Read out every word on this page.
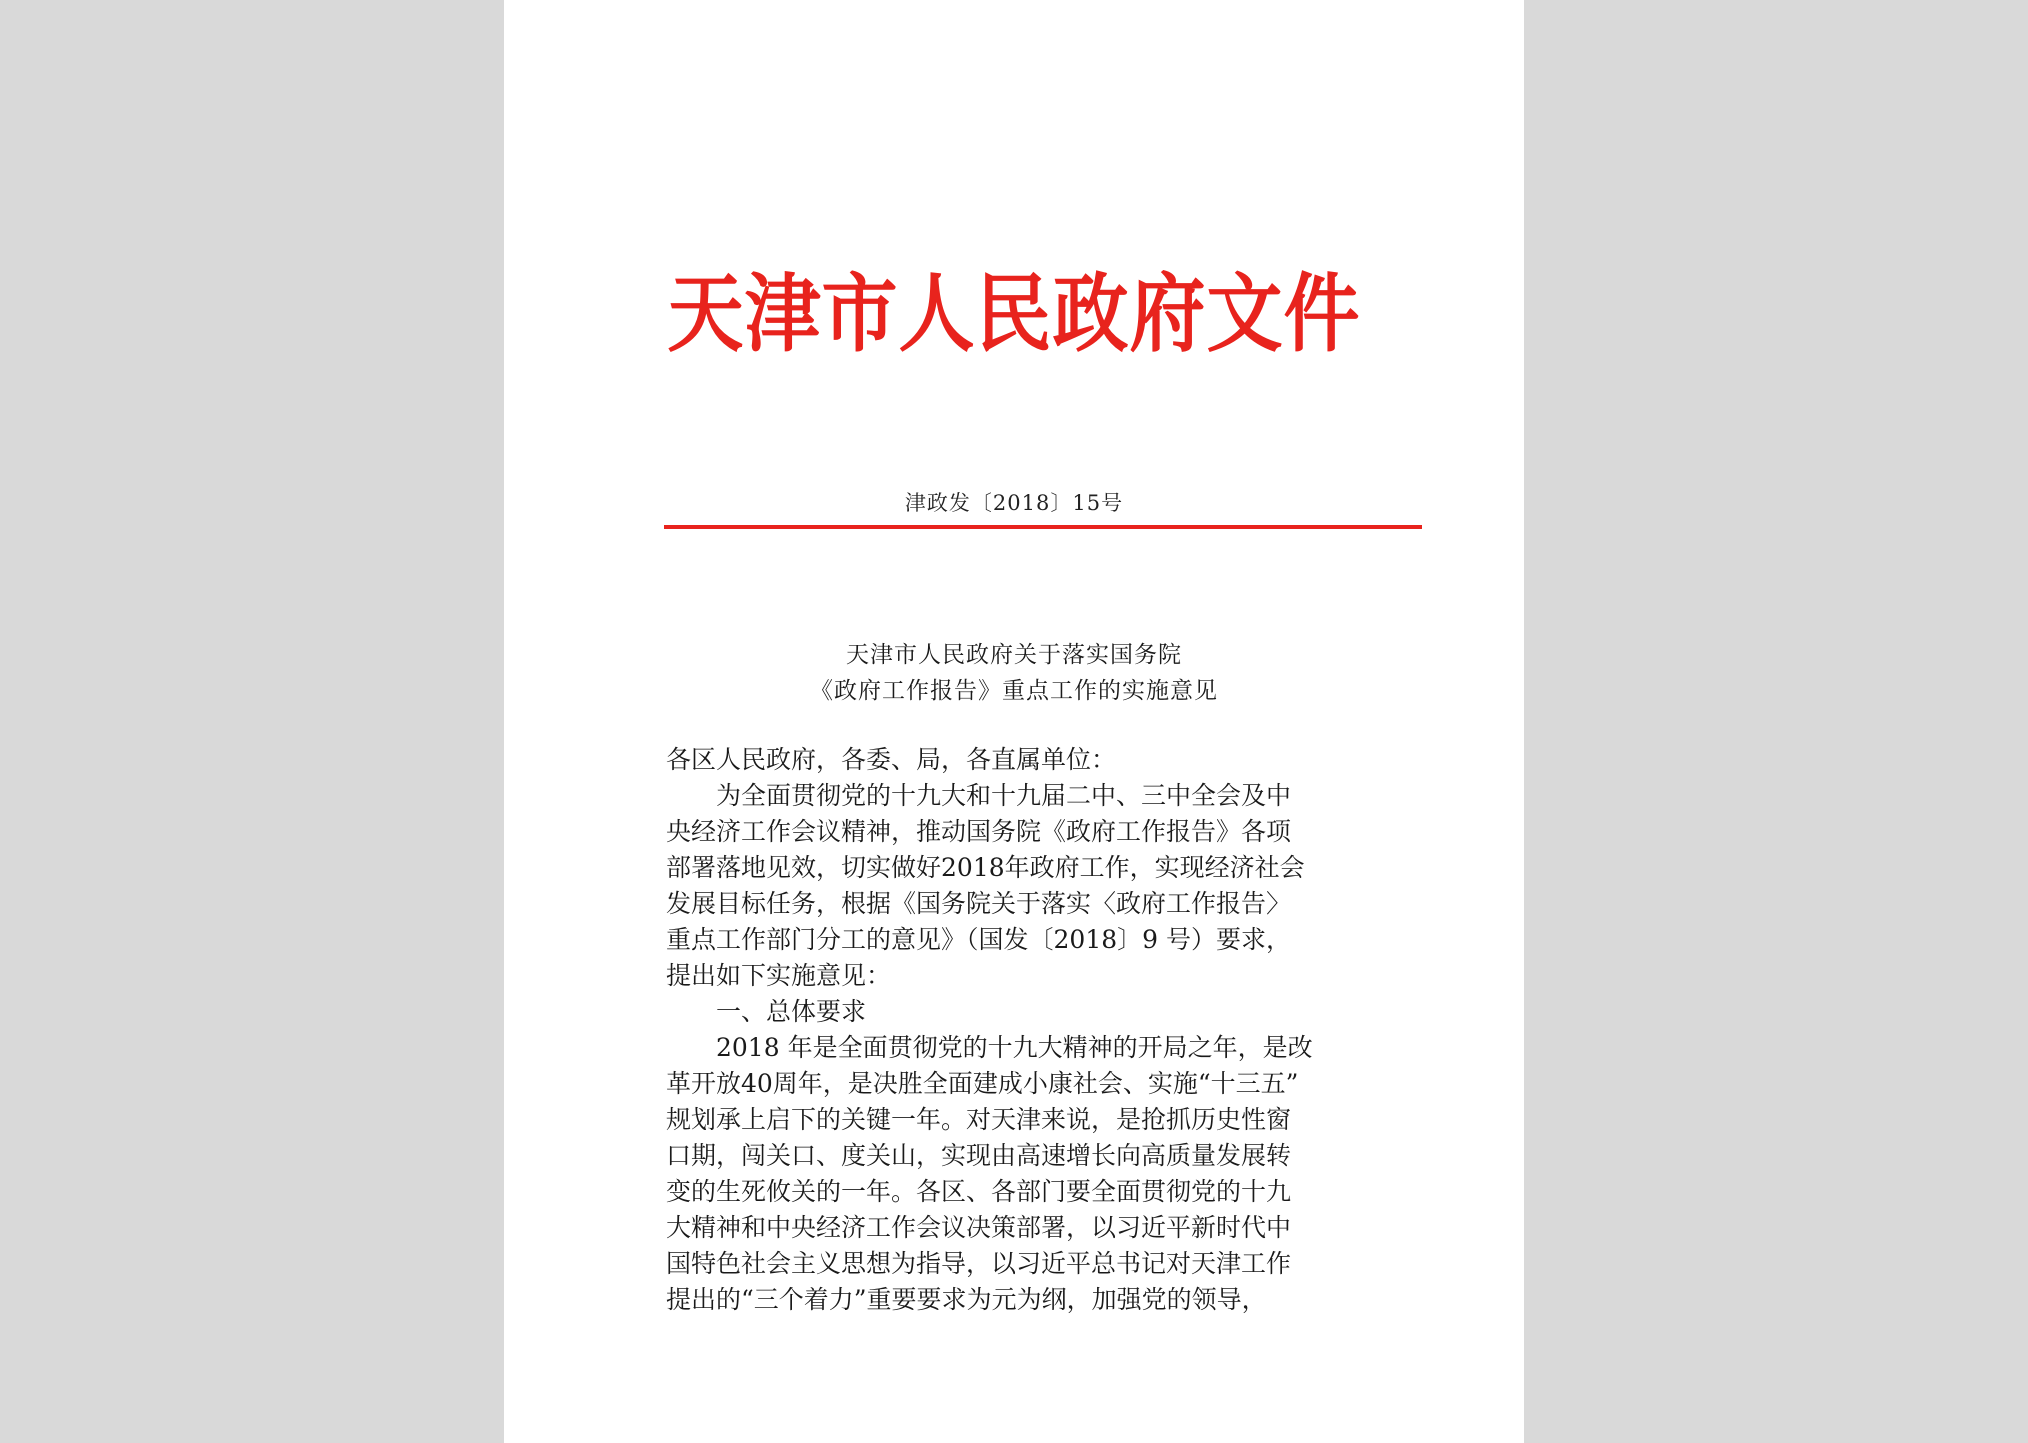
天津市人民政府文件
津政发〔2018〕15号
天津市人民政府关于落实国务院
《政府工作报告》重点工作的实施意见
各区人民政府，各委、局，各直属单位：
为全面贯彻党的十九大和十九届二中、三中全会及中
央经济工作会议精神，推动国务院《政府工作报告》各项
部署落地见效，切实做好2018年政府工作，实现经济社会
发展目标任务，根据《国务院关于落实〈政府工作报告〉
重点工作部门分工的意见》（国发〔2018〕9 号）要求，
提出如下实施意见：
一、总体要求
2018 年是全面贯彻党的十九大精神的开局之年，是改
革开放40周年，是决胜全面建成小康社会、实施“十三五”
规划承上启下的关键一年。对天津来说，是抢抓历史性窗
口期，闯关口、度关山，实现由高速增长向高质量发展转
变的生死攸关的一年。各区、各部门要全面贯彻党的十九
大精神和中央经济工作会议决策部署，以习近平新时代中
国特色社会主义思想为指导，以习近平总书记对天津工作
提出的“三个着力”重要要求为元为纲，加强党的领导，
